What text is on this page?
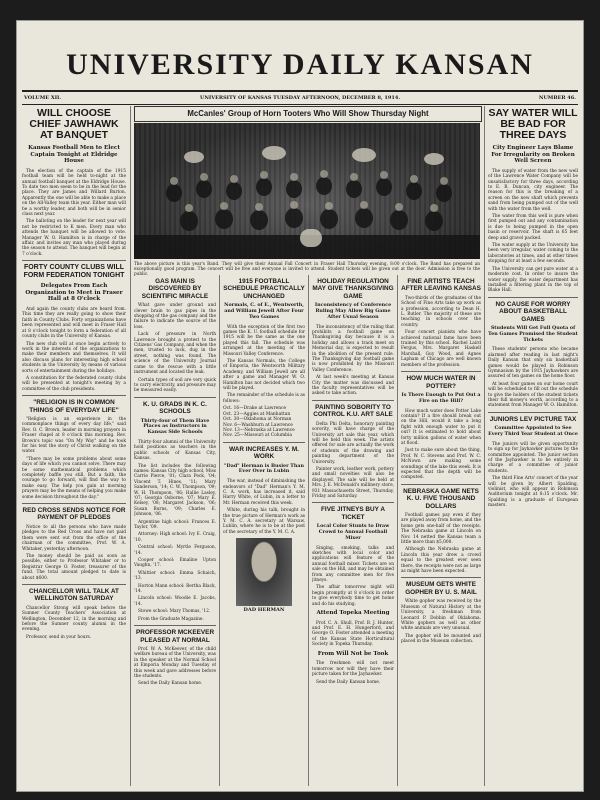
UNIVERSITY DAILY KANSAN
VOLUME XII.	UNIVERSITY OF KANSAS TUESDAY AFTERNOON, DECEMBER 8, 1914.	NUMBER 46.
WILL CHOOSE CHIEF JAWHAWK AT BANQUET
Kansas Football Men to Elect Captain Tonight at Eldridge House

The election of the captain of the 1915 football team will be held to-night at the annual football banquet at the Eldridge House. To date two men seem to be in the lead for the place. They are James and Willard Burton. Apparently the one will be able to make a place on the All-Valley team this year. Either man will be a worthy leader, and both will be in senior class next year.

The balloting on the leader for next year will not be restricted to K men. Every man who attends the banquet will be allowed to vote. Manager W. O. Hamilton is in charge of the affair, and invites any man who played during the season to attend. The banquet will begin at 7 o'clock.

FORTY COUNTY CLUBS WILL FORM FEDERATION TONIGHT
Delegates From Each Organization to Meet in Fraser Hall at 8 O'clock

And again the county clubs are heard from. This time they are really going to show their faith in County Clubs. Forty organizations have been represented and will meet in Fraser Hall at 8 o'clock tonight to form a federation of all county clubs in the University of Kansas.

The new club will at once begin actively to work in the interests of the organizations to make their members and themselves. It will also discuss plans for interesting high school students in the University by means of various sorts of entertainment during the holidays.

A constitution for the federated county clubs will be presented at tonight's meeting by a committee of the club presidents.

"RELIGION IS IN COMMON THINGS OF EVERYDAY LIFE"

"Religion is an experience in the commonplace things of every day life," said Rev. O. C. Brown, leader in morning prayers in Fraser chapel at 8 o'clock this morning. Rev. Brown's topic was "On My Way" and he took for his text the story of Christ walking on the water.

"There may be some problems about some days of life which you cannot solve. There may be some mathematical problems which completely baffle you still. But a faith, the courage to go forward, will find the way to make easy. The help you gain at morning prayers may be the means of helping you make some decision throughout the day."

RED CROSS SENDS NOTICE FOR PAYMENT OF PLEDGES

Notice to all the persons who have made pledges to the Red Cross and have not paid them were sent out from the office of the chairman of the committee, Prof. W. A. Whitaker, yesterday afternoon.

The money should be paid as soon as possible, either to Professor Whitaker or to Registrar George O. Foster, treasurer of the fund. The total amount pledged to date is about $600.

CHANCELLOR WILL TALK AT WELLINGTON SATURDAY

Chancellor Strong will speak before the Sumner County Teachers' Association at Wellington, December 12, in the morning and before the Sumner county alumni in the evening.

Professor, send in your hours.

McCanles' Group of Horn Tooters Who Will Show Thursday Night
The above picture is this year's Band. They will give their Annual Fall Concert in Fraser Hall Thursday evening, 8:00 o'clock. The Band has prepared an exceptionally good program. The concert will be free and everyone is invited to attend. Student tickets will be given out at the door. Admission is free to the public.
GAS MAIN IS DISCOVERED BY SCIENTIFIC MIRACLE

What gave under ground and clever brain to gas pipes in the shopping of the gas company and the failure to indicate the source of the loss.

Lack of pressure in North Lawrence brought a protest to the Citizens' Gas Company, and when the men, trusted to luck, dug in the street, nothing was found. The science of the University Journal came to the rescue with a little instrument and located the leak.

Certain types of soil are very quick to carry electricity, and pressure may be measured easily.

K. U. GRADS IN K. C. SCHOOLS
Thirty-four of Them Have Places as Instructors in Kansas Side Schools

Thirty-four alumni of the University hold positions as teachers in the public schools of Kansas City, Kansas.

The list includes the following names: Kansas City high school, Miss Carrie Pierce, '01; Clara Peck, '04; Vincent T. Hines, '11; Mary Sanderson, '14; C. W. Thompson, '09; W. H. Thompson, '06; Hallie Lasley, '07; Georgia Osborne, '07; Mary E. Kelsey, '08; Margaret Jackson, '06; Susan Burns, '09; Charles E. Johnson, '06.

Argentine high school: Frances E. Taylor, '09.

Attorney: High school: Ivy E. Craig, '10.

Central school: Myrtle Ferguson, '14.

Cooper school: Emaline Upton Vaughn, '17.

Whittier school: Emma Schaich, '13.

Horton Mann school: Bertha Black, '14.

Lincoln school: Woodie E. Jacobs, '14.

Stowe school: Mary Thomas, '12.

From the Graduate Magazine.

PROFESSOR MCKEEVER PLEASED AT NORMAL

Prof. W. A. McKeever, of the child welfare bureau of the University, was in the speaker at the Normal School at Emporia Monday and Tuesday of this week and gave addresses before the students.

Send the Daily Kansan home.

1915 FOOTBALL SCHEDULE PRACTICALLY UNCHANGED
Normals, C. of E., Wentworth, and William Jewell After Four Two Games

With the exception of the first two games the K. U. football schedule for 1915 will be the same as the one played this fall. The schedule was arranged at the meeting of the Missouri Valley Conference.

The Kansas Normals, the College of Emporia, the Wentworth Military Academy, and William Jewell are all after a game and Manager W. O. Hamilton has not decided which two will be played.

The remainder of the schedule is as follows:

Oct. 16—Drake at Lawrence
Oct. 23—Aggies at Manhattan
Oct. 30—Oklahoma at Norman
Nov. 6—Washburn at Lawrence
Nov. 13—Nebraska at Lawrence
Nov. 25—Missouri at Columbia
WAR INCREASES Y. M. WORK
"Dad" Herman is Busier Than Ever Over in Lubin

The war, instead of diminishing the endeavors of "Dad" Herman's Y. M. C. A. work, has increased it, said Harry White, of Lubin, in a letter to Mr. Herman received this week.

White, during his talk, brought in the true picture of Herman's work as Y. M. C. A. secretary at Warsaw, Lublin, where he is to be at the post of the secretary of the Y. M. C. A.

DAD HERMAN
HOLIDAY REGULATION MAY GIVE THANKSGIVING GAME
Inconsistency of Conference Ruling May Allow Big Game After Usual Season

The inconsistency of the ruling that prohibits a football game on Thanksgiving day because it is a holiday and allows a track meet on Memorial day, is expected to result in the abolition of the present rule. The Thanksgiving day football game is now prohibited by the Missouri Valley Conference.

At last week's meeting at Kansas City the matter was discussed and the faculty representatives will be asked to take action.

PAINTING SOBORITY TO CONTROL K.U. ART SALE

Delta Phi Delta, honorary painting sorority, will have charge of the University art sale this year, which will be held this week. The artists offered for sale are actually the work of students of the drawing and painting department of the University.

Painter work, leather work, pottery and small novelties will also be displayed. The sale will be held at Mrs. J. E. McDonald's millinery store, 931 Massachusetts Street, Thursday, Friday and Saturday.

FIVE JITNEYS BUY A TICKET
Local Color Stunts to Draw Crowd to Annual Football Mixer

Singing, smoking, talks and sketches with local color and applications will feature of the annual football mixer. Tickets are on sale on the Hill, and may be obtained from any committee men for five jitneys.

The affair tomorrow night will begin promptly at 8 o'clock in order to give everybody time to get home and do his studying.

Attend Topeka Meeting

Prof. C. A. Shull, Prof. B. J. Hunter, and Prof. E. H. Hungerford, and George O. Foster attended a meeting of the Kansas State Horticultural Society in Topeka Thursday.

From Will Not be Took

The freshmen will not meet tomorrow nor will they have their picture taken for the Jayhawker.

Send the Daily Kansan home.

FINE ARTISTS TEACH AFTER LEAVING KANSAS

Two-thirds of the graduates of the School of Fine Arts take up work as a profession, according to Dean H. L. Butler. The majority of these are teaching in schools over the country.

Four concert pianists who have achieved national fame have been trained by this school. Rachel Laird Fergus, Mrs. Margaret Haskell Marshall, Guy Wood, and Agnes Lapham of Chicago are well known members of the profession.

HOW MUCH WATER IN POTTER?
Is There Enough to Put Out a Fire on the Hill?

How much water does Potter Lake contain? If a fire should break out on the Hill, would it take a long fight with enough water to put it out? It is estimated to hold about forty million gallons of water when at flood.

Just to make sure about the thing, Prof. W. C. Stevens and Prof. W. C. McNown are making some soundings of the lake this week. It is expected that the depth will be computed.

NEBRASKA GAME NETS K. U. FIVE THOUSAND DOLLARS

Football games pay even if they are played away from home, and the home gets one-half of the receipts. The Nebraska game at Lincoln on Nov. 14 netted the Kansas team a little more than $5,000.

Although the Nebraska game at Lincoln this year drew a crowd equal to the greatest ever seen there, the receipts were not as large as might have been expected.

MUSEUM GETS WHITE GOPHER BY U. S. MAIL

White gopher was received by the Museum of Natural History at the University, a freshman from Leonard P. Dobbin of Oklahoma. White gophers as well as other white animals are very unusual.

The gopher will be mounted and placed in the Museum collection.

SAY WATER WILL BE BAD FOR THREE DAYS
City Engineer Lays Blame For Irregularity on Broken Well Screen

The supply of water from the new well of the Lawrence Water Company will be unsatisfactory for three days, according to E. B. Duncan, city engineer. The reason for this is the breaking of a screen on the new shaft which prevents sand from being pumped out of the well with the water from the well.

The water from this well is pure when first pumped out and any contamination is due to being pumped in the open basin or reservoir. The shaft is 65 feet deep and gravel packed.

The water supply at the University has been very irregular, water coming to the laboratories at times, and at other times stopping for at least a few seconds.

The University can get pure water at a moderate cost. In order to insure the water supply, the water department has installed a filtering plant in the top of Blake Hall.

NO CAUSE FOR WORRY ABOUT BASKETBALL GAMES
Students Will Get Full Quota of Ten Games Promised the Student Tickets

These students' persons who became alarmed after reading in last night's Daily Kansan that only six basketball games would be played in Robinson Gymnasium by the 1915 Jayhawkers are assured of ten games on the home floor.

At least four games on our home court will be scheduled to fill out the schedule to give the holders of the student tickets their full money's worth, according to a statement from Manager W. O. Hamilton.

JUNIORS LEV PICTURE TAX
Committee Appointed to See Every Third Year Student at Once

The juniors will be given opportunity to sign up for Jayhawker pictures by the committee appointed. The junior section of the Jayhawker is to be entirely in charge of a committee of junior students.

The third Fine Arts' concert of the year will be given by Albert Spalding, violinist, who will appear in Robinson Auditorium tonight at 8:15 o'clock. Mr. Spalding is a graduate of European masters.
